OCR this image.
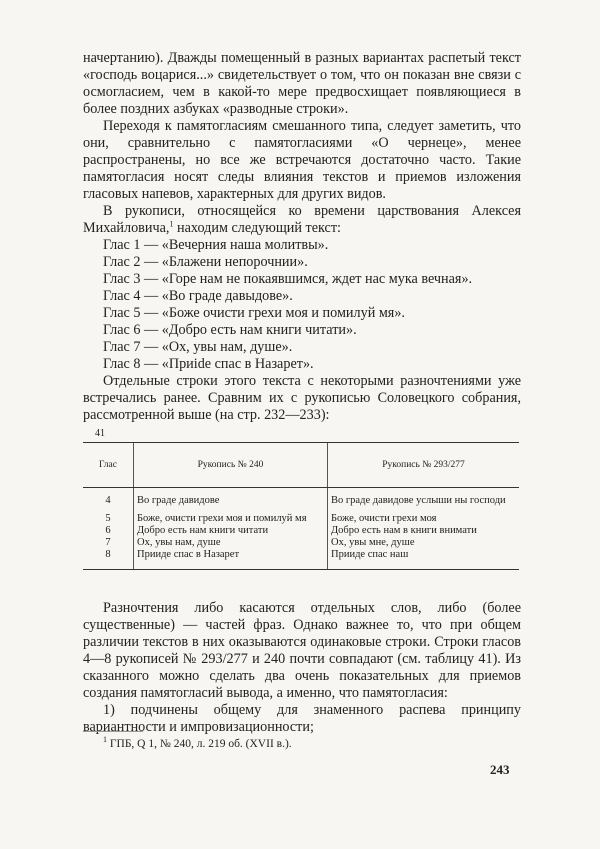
начертанию). Дважды помещенный в разных вариантах распетый текст «господь воцарися...» свидетельствует о том, что он показан вне связи с осмогласием, чем в какой-то мере предвосхищает появляющиеся в более поздних азбуках «разводные строки».

Переходя к памятогласиям смешанного типа, следует заметить, что они, сравнительно с памятогласиями «О чернеце», менее распространены, но все же встречаются достаточно часто. Такие памятогласия носят следы влияния текстов и приемов изложения гласовых напевов, характерных для других видов.

В рукописи, относящейся ко времени царствования Алексея Михайловича,$^1$ находим следующий текст:

Глас 1 — «Вечерния наша молитвы».

Глас 2 — «Блажени непорочнии».

Глас 3 — «Горе нам не покаявшимся, ждет нас мука вечная».

Глас 4 — «Во граде давыдове».

Глас 5 — «Боже очисти грехи моя и помилуй мя».

Глас 6 — «Добро есть нам книги читати».

Глас 7 — «Ох, увы нам, душе».

Глас 8 — «Приide спас в Назарет».

Отдельные строки этого текста с некоторыми разночтениями уже встречались ранее. Сравним их с рукописью Соловецкого собрания, рассмотренной выше (на стр. 232—233):

41
Глас	Рукопись № 240	Рукопись № 293/277
4	Во граде давидове	Во граде давидове услыши ны господи
5	Боже, очисти грехи моя и помилуй мя	Боже, очисти грехи моя
6	Добро есть нам книги читати	Добро есть нам в книги внимати
7	Ох, увы нам, душе	Ох, увы мне, душе
8	Прииде спас в Назарет	Прииде спас наш

Разночтения либо касаются отдельных слов, либо (более существенные) — частей фраз. Однако важнее то, что при общем различии текстов в них оказываются одинаковые строки. Строки гласов 4—8 рукописей № 293/277 и 240 почти совпадают (см. таблицу 41). Из сказанного можно сделать два очень показательных для приемов создания памятогласий вывода, а именно, что памятогласия:

1) подчинены общему для знаменного распева принципу вариантности и импровизационности;

$^1$ ГПБ, Q 1, № 240, л. 219 об. (XVII в.).
243
